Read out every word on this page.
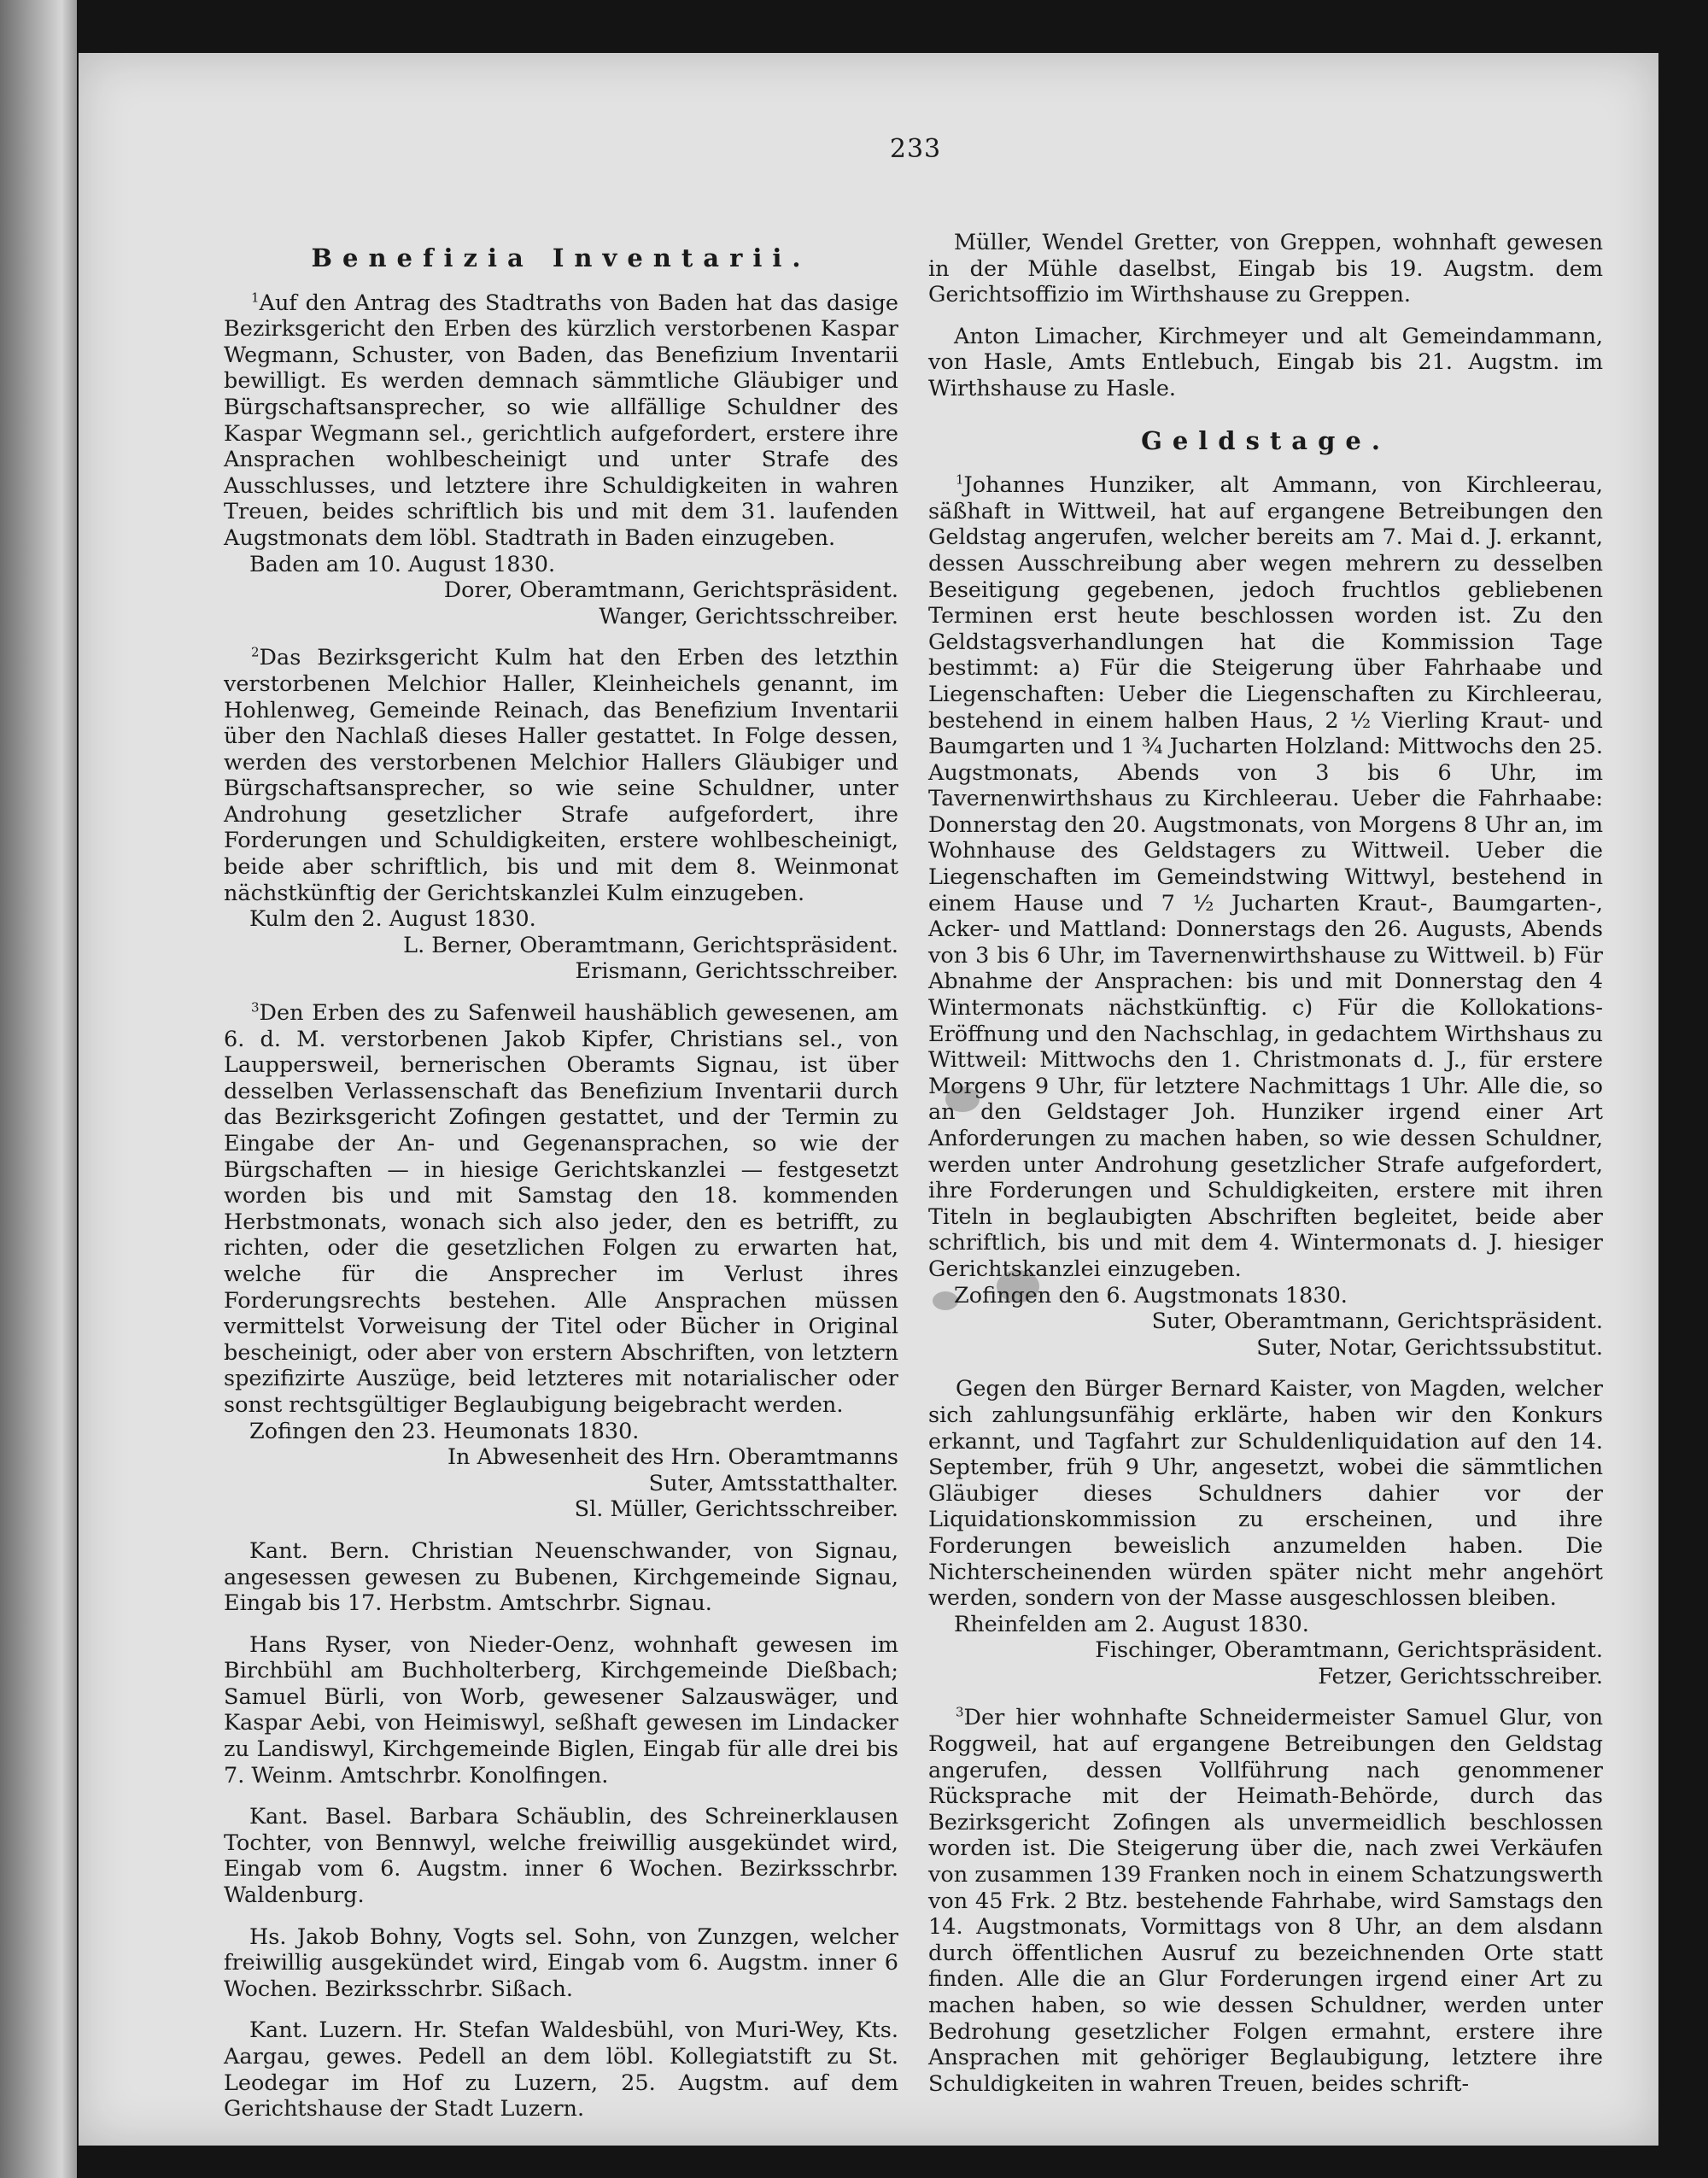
233
Benefizia Inventarii.

$^1$Auf den Antrag des Stadtraths von Baden hat das dasige Bezirksgericht den Erben des kürzlich verstorbenen Kaspar Wegmann, Schuster, von Baden, das Benefizium Inventarii bewilligt. Es werden demnach sämmtliche Gläubiger und Bürgschaftsansprecher, so wie allfällige Schuldner des Kaspar Wegmann sel., gerichtlich aufgefordert, erstere ihre Ansprachen wohlbescheinigt und unter Strafe des Ausschlusses, und letztere ihre Schuldigkeiten in wahren Treuen, beides schriftlich bis und mit dem 31. laufenden Augstmonats dem löbl. Stadtrath in Baden einzugeben.

Baden am 10. August 1830.

Dorer, Oberamtmann, Gerichtspräsident.

Wanger, Gerichtsschreiber.

$^2$Das Bezirksgericht Kulm hat den Erben des letzthin verstorbenen Melchior Haller, Kleinheichels genannt, im Hohlenweg, Gemeinde Reinach, das Benefizium Inventarii über den Nachlaß dieses Haller gestattet. In Folge dessen, werden des verstorbenen Melchior Hallers Gläubiger und Bürgschaftsansprecher, so wie seine Schuldner, unter Androhung gesetzlicher Strafe aufgefordert, ihre Forderungen und Schuldigkeiten, erstere wohlbescheinigt, beide aber schriftlich, bis und mit dem 8. Weinmonat nächstkünftig der Gerichtskanzlei Kulm einzugeben.

Kulm den 2. August 1830.

L. Berner, Oberamtmann, Gerichtspräsident.

Erismann, Gerichtsschreiber.

$^3$Den Erben des zu Safenweil haushäblich gewesenen, am 6. d. M. verstorbenen Jakob Kipfer, Christians sel., von Lauppersweil, bernerischen Oberamts Signau, ist über desselben Verlassenschaft das Benefizium Inventarii durch das Bezirksgericht Zofingen gestattet, und der Termin zu Eingabe der An- und Gegenansprachen, so wie der Bürgschaften — in hiesige Gerichtskanzlei — festgesetzt worden bis und mit Samstag den 18. kommenden Herbstmonats, wonach sich also jeder, den es betrifft, zu richten, oder die gesetzlichen Folgen zu erwarten hat, welche für die Ansprecher im Verlust ihres Forderungsrechts bestehen. Alle Ansprachen müssen vermittelst Vorweisung der Titel oder Bücher in Original bescheinigt, oder aber von erstern Abschriften, von letztern spezifizirte Auszüge, beid letzteres mit notarialischer oder sonst rechtsgültiger Beglaubigung beigebracht werden.

Zofingen den 23. Heumonats 1830.

In Abwesenheit des Hrn. Oberamtmanns

Suter, Amtsstatthalter.

Sl. Müller, Gerichtsschreiber.

Kant. Bern. Christian Neuenschwander, von Signau, angesessen gewesen zu Bubenen, Kirchgemeinde Signau, Eingab bis 17. Herbstm. Amtschrbr. Signau.

Hans Ryser, von Nieder-Oenz, wohnhaft gewesen im Birchbühl am Buchholterberg, Kirchgemeinde Dießbach; Samuel Bürli, von Worb, gewesener Salzauswäger, und Kaspar Aebi, von Heimiswyl, seßhaft gewesen im Lindacker zu Landiswyl, Kirchgemeinde Biglen, Eingab für alle drei bis 7. Weinm. Amtschrbr. Konolfingen.

Kant. Basel. Barbara Schäublin, des Schreinerklausen Tochter, von Bennwyl, welche freiwillig ausgekündet wird, Eingab vom 6. Augstm. inner 6 Wochen. Bezirksschrbr. Waldenburg.

Hs. Jakob Bohny, Vogts sel. Sohn, von Zunzgen, welcher freiwillig ausgekündet wird, Eingab vom 6. Augstm. inner 6 Wochen. Bezirksschrbr. Sißach.

Kant. Luzern. Hr. Stefan Waldesbühl, von Muri-Wey, Kts. Aargau, gewes. Pedell an dem löbl. Kollegiatstift zu St. Leodegar im Hof zu Luzern, 25. Augstm. auf dem Gerichtshause der Stadt Luzern.

Müller, Wendel Gretter, von Greppen, wohnhaft gewesen in der Mühle daselbst, Eingab bis 19. Augstm. dem Gerichtsoffizio im Wirthshause zu Greppen.

Anton Limacher, Kirchmeyer und alt Gemeindammann, von Hasle, Amts Entlebuch, Eingab bis 21. Augstm. im Wirthshause zu Hasle.

Geldstage.

$^1$Johannes Hunziker, alt Ammann, von Kirchleerau, säßhaft in Wittweil, hat auf ergangene Betreibungen den Geldstag angerufen, welcher bereits am 7. Mai d. J. erkannt, dessen Ausschreibung aber wegen mehrern zu desselben Beseitigung gegebenen, jedoch fruchtlos gebliebenen Terminen erst heute beschlossen worden ist. Zu den Geldstagsverhandlungen hat die Kommission Tage bestimmt: a) Für die Steigerung über Fahrhaabe und Liegenschaften: Ueber die Liegenschaften zu Kirchleerau, bestehend in einem halben Haus, 2 ½ Vierling Kraut- und Baumgarten und 1 ¾ Jucharten Holzland: Mittwochs den 25. Augstmonats, Abends von 3 bis 6 Uhr, im Tavernenwirthshaus zu Kirchleerau. Ueber die Fahrhaabe: Donnerstag den 20. Augstmonats, von Morgens 8 Uhr an, im Wohnhause des Geldstagers zu Wittweil. Ueber die Liegenschaften im Gemeindstwing Wittwyl, bestehend in einem Hause und 7 ½ Jucharten Kraut-, Baumgarten-, Acker- und Mattland: Donnerstags den 26. Augusts, Abends von 3 bis 6 Uhr, im Tavernenwirthshause zu Wittweil. b) Für Abnahme der Ansprachen: bis und mit Donnerstag den 4 Wintermonats nächstkünftig. c) Für die Kollokations-Eröffnung und den Nachschlag, in gedachtem Wirthshaus zu Wittweil: Mittwochs den 1. Christmonats d. J., für erstere Morgens 9 Uhr, für letztere Nachmittags 1 Uhr. Alle die, so an den Geldstager Joh. Hunziker irgend einer Art Anforderungen zu machen haben, so wie dessen Schuldner, werden unter Androhung gesetzlicher Strafe aufgefordert, ihre Forderungen und Schuldigkeiten, erstere mit ihren Titeln in beglaubigten Abschriften begleitet, beide aber schriftlich, bis und mit dem 4. Wintermonats d. J. hiesiger Gerichtskanzlei einzugeben.

Zofingen den 6. Augstmonats 1830.

Suter, Oberamtmann, Gerichtspräsident.

Suter, Notar, Gerichtssubstitut.

Gegen den Bürger Bernard Kaister, von Magden, welcher sich zahlungsunfähig erklärte, haben wir den Konkurs erkannt, und Tagfahrt zur Schuldenliquidation auf den 14. September, früh 9 Uhr, angesetzt, wobei die sämmtlichen Gläubiger dieses Schuldners dahier vor der Liquidationskommission zu erscheinen, und ihre Forderungen beweislich anzumelden haben. Die Nichterscheinenden würden später nicht mehr angehört werden, sondern von der Masse ausgeschlossen bleiben.

Rheinfelden am 2. August 1830.

Fischinger, Oberamtmann, Gerichtspräsident.

Fetzer, Gerichtsschreiber.

$^3$Der hier wohnhafte Schneidermeister Samuel Glur, von Roggweil, hat auf ergangene Betreibungen den Geldstag angerufen, dessen Vollführung nach genommener Rücksprache mit der Heimath-Behörde, durch das Bezirksgericht Zofingen als unvermeidlich beschlossen worden ist. Die Steigerung über die, nach zwei Verkäufen von zusammen 139 Franken noch in einem Schatzungswerth von 45 Frk. 2 Btz. bestehende Fahrhabe, wird Samstags den 14. Augstmonats, Vormittags von 8 Uhr, an dem alsdann durch öffentlichen Ausruf zu bezeichnenden Orte statt finden. Alle die an Glur Forderungen irgend einer Art zu machen haben, so wie dessen Schuldner, werden unter Bedrohung gesetzlicher Folgen ermahnt, erstere ihre Ansprachen mit gehöriger Beglaubigung, letztere ihre Schuldigkeiten in wahren Treuen, beides schrift-
